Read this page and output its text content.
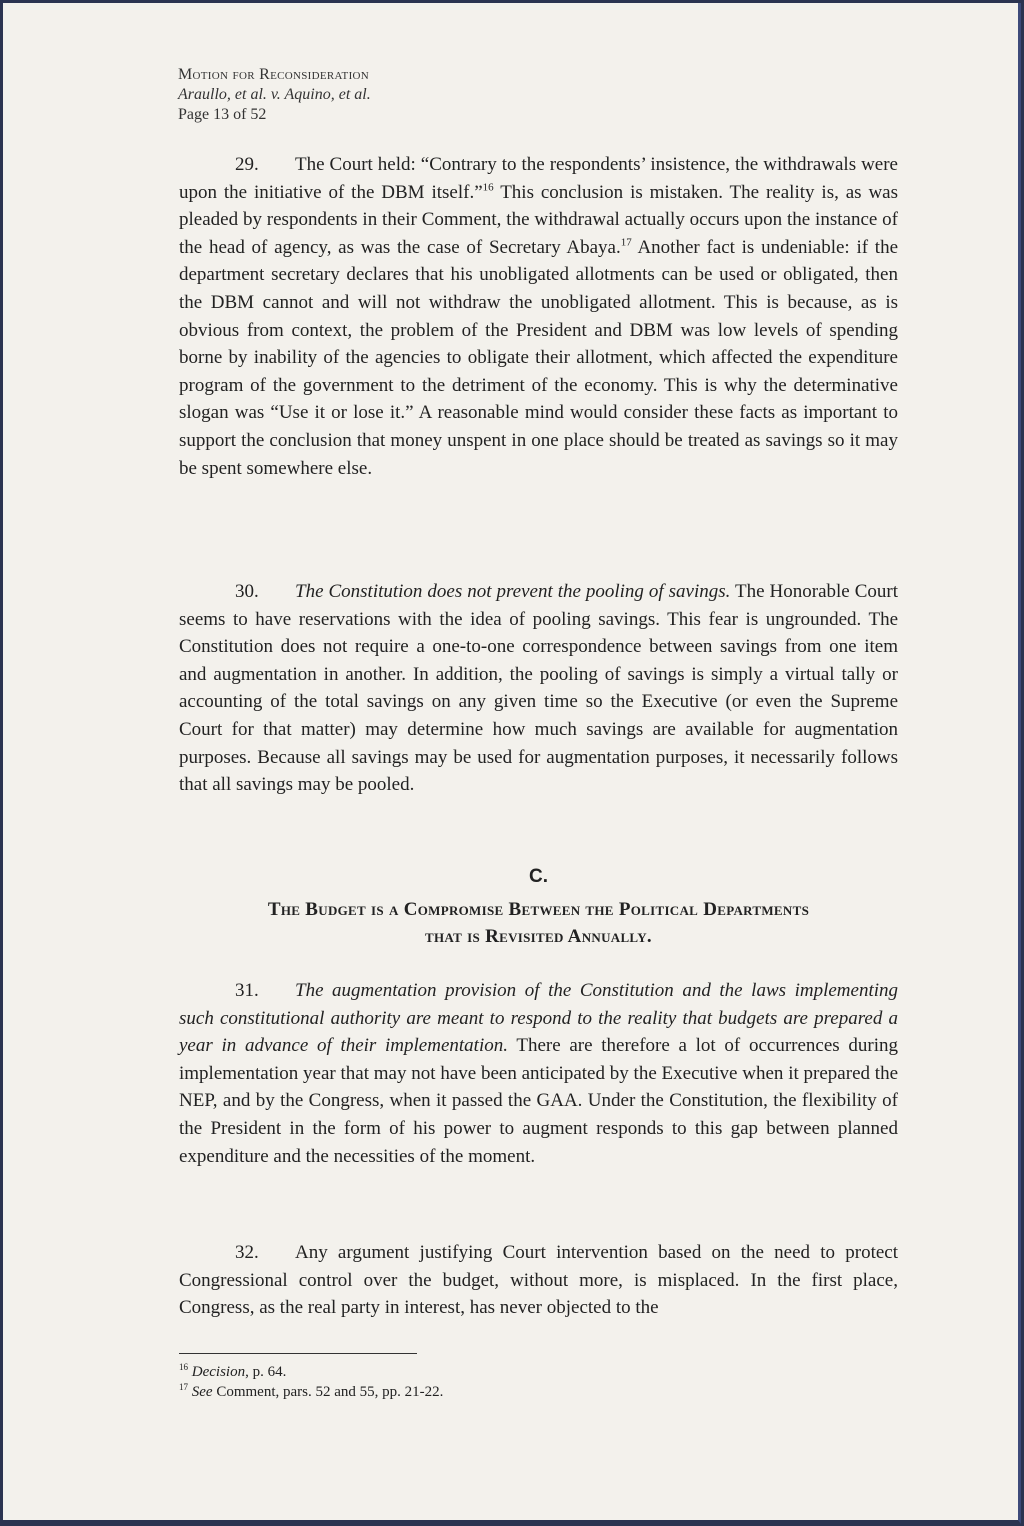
Motion for Reconsideration
Araullo, et al. v. Aquino, et al.
Page 13 of 52

29. The Court held: “Contrary to the respondents’ insistence, the withdrawals were upon the initiative of the DBM itself.”$^{16}$ This conclusion is mistaken. The reality is, as was pleaded by respondents in their Comment, the withdrawal actually occurs upon the instance of the head of agency, as was the case of Secretary Abaya.$^{17}$ Another fact is undeniable: if the department secretary declares that his unobligated allotments can be used or obligated, then the DBM cannot and will not withdraw the unobligated allotment. This is because, as is obvious from context, the problem of the President and DBM was low levels of spending borne by inability of the agencies to obligate their allotment, which affected the expenditure program of the government to the detriment of the economy. This is why the determinative slogan was “Use it or lose it.” A reasonable mind would consider these facts as important to support the conclusion that money unspent in one place should be treated as savings so it may be spent somewhere else.

30. The Constitution does not prevent the pooling of savings. The Honorable Court seems to have reservations with the idea of pooling savings. This fear is ungrounded. The Constitution does not require a one-to-one correspondence between savings from one item and augmentation in another. In addition, the pooling of savings is simply a virtual tally or accounting of the total savings on any given time so the Executive (or even the Supreme Court for that matter) may determine how much savings are available for augmentation purposes. Because all savings may be used for augmentation purposes, it necessarily follows that all savings may be pooled.

C.
The Budget is a Compromise Between the Political Departments
that is Revisited Annually.

31. The augmentation provision of the Constitution and the laws implementing such constitutional authority are meant to respond to the reality that budgets are prepared a year in advance of their implementation. There are therefore a lot of occurrences during implementation year that may not have been anticipated by the Executive when it prepared the NEP, and by the Congress, when it passed the GAA. Under the Constitution, the flexibility of the President in the form of his power to augment responds to this gap between planned expenditure and the necessities of the moment.

32. Any argument justifying Court intervention based on the need to protect Congressional control over the budget, without more, is misplaced. In the first place, Congress, as the real party in interest, has never objected to the

$^{16}$ Decision, p. 64.
$^{17}$ See Comment, pars. 52 and 55, pp. 21-22.
